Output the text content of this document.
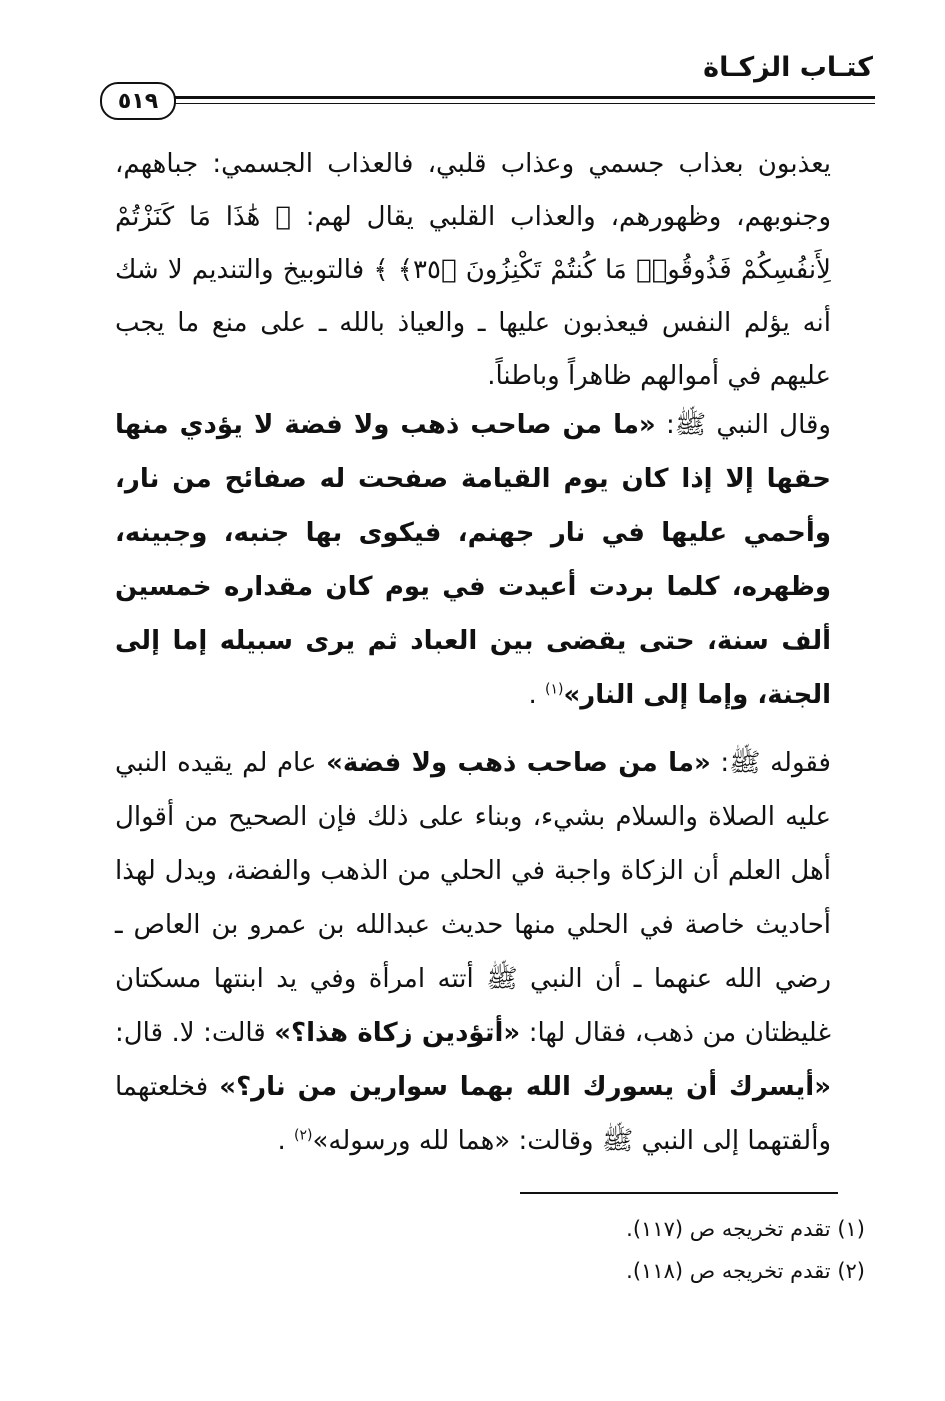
كتـاب الزكـاة
٥١٩

يعذبون بعذاب جسمي وعذاب قلبي، فالعذاب الجسمي: جباههم، وجنوبهم، وظهورهم، والعذاب القلبي يقال لهم: ﴿ هَٰذَا مَا كَنَزْتُمْ لِأَنفُسِكُمْ فَذُوقُوا۟ مَا كُنتُمْ تَكْنِزُونَ ﴿٣٥﴾ ﴾ فالتوبيخ والتنديم لا شك أنه يؤلم النفس فيعذبون عليها ـ والعياذ بالله ـ على منع ما يجب عليهم في أموالهم ظاهراً وباطناً.

وقال النبي ﷺ: «ما من صاحب ذهب ولا فضة لا يؤدي منها حقها إلا إذا كان يوم القيامة صفحت له صفائح من نار، وأحمي عليها في نار جهنم، فيكوى بها جنبه، وجبينه، وظهره، كلما بردت أعيدت في يوم كان مقداره خمسين ألف سنة، حتى يقضى بين العباد ثم يرى سبيله إما إلى الجنة، وإما إلى النار»$^{(١)}$ .

فقوله ﷺ: «ما من صاحب ذهب ولا فضة» عام لم يقيده النبي عليه الصلاة والسلام بشيء، وبناء على ذلك فإن الصحيح من أقوال أهل العلم أن الزكاة واجبة في الحلي من الذهب والفضة، ويدل لهذا أحاديث خاصة في الحلي منها حديث عبدالله بن عمرو بن العاص ـ رضي الله عنهما ـ أن النبي ﷺ أتته امرأة وفي يد ابنتها مسكتان غليظتان من ذهب، فقال لها: «أتؤدين زكاة هذا؟» قالت: لا. قال: «أيسرك أن يسورك الله بهما سوارين من نار؟» فخلعتهما وألقتهما إلى النبي ﷺ وقالت: «هما لله ورسوله»$^{(٢)}$ .

(١) تقدم تخريجه ص (١١٧).

(٢) تقدم تخريجه ص (١١٨).
